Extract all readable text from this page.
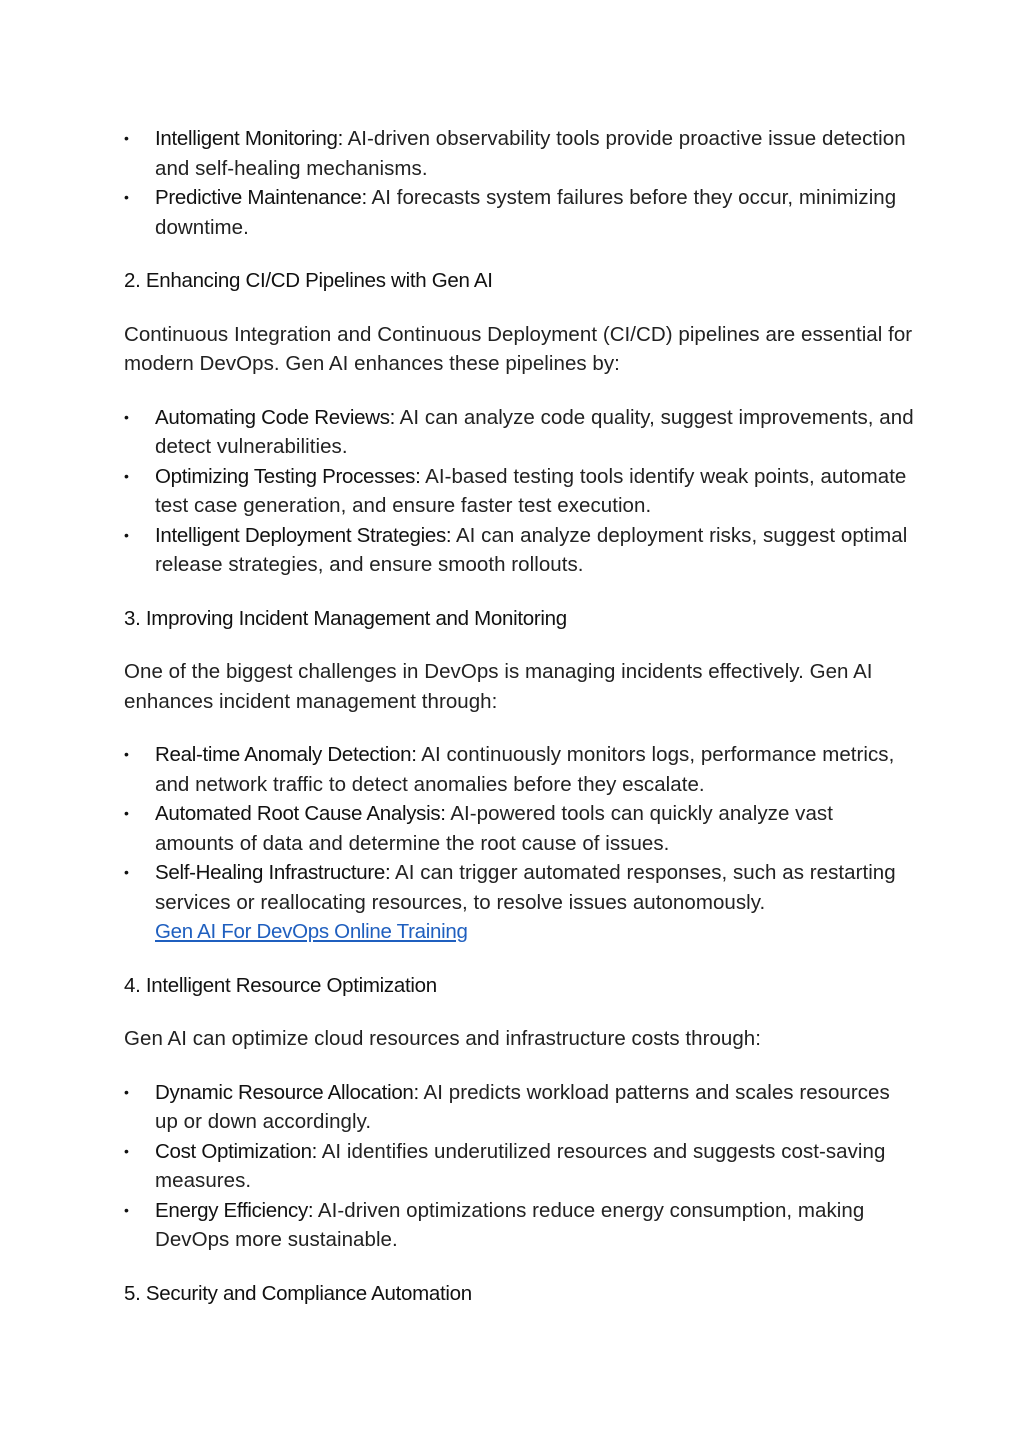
• Intelligent Monitoring: AI-driven observability tools provide proactive issue detection and self-healing mechanisms.
• Predictive Maintenance: AI forecasts system failures before they occur, minimizing downtime.
2. Enhancing CI/CD Pipelines with Gen AI
Continuous Integration and Continuous Deployment (CI/CD) pipelines are essential for modern DevOps. Gen AI enhances these pipelines by:
• Automating Code Reviews: AI can analyze code quality, suggest improvements, and detect vulnerabilities.
• Optimizing Testing Processes: AI-based testing tools identify weak points, automate test case generation, and ensure faster test execution.
• Intelligent Deployment Strategies: AI can analyze deployment risks, suggest optimal release strategies, and ensure smooth rollouts.
3. Improving Incident Management and Monitoring
One of the biggest challenges in DevOps is managing incidents effectively. Gen AI enhances incident management through:
• Real-time Anomaly Detection: AI continuously monitors logs, performance metrics, and network traffic to detect anomalies before they escalate.
• Automated Root Cause Analysis: AI-powered tools can quickly analyze vast amounts of data and determine the root cause of issues.
• Self-Healing Infrastructure: AI can trigger automated responses, such as restarting services or reallocating resources, to resolve issues autonomously.
Gen AI For DevOps Online Training
4. Intelligent Resource Optimization
Gen AI can optimize cloud resources and infrastructure costs through:
• Dynamic Resource Allocation: AI predicts workload patterns and scales resources up or down accordingly.
• Cost Optimization: AI identifies underutilized resources and suggests cost-saving measures.
• Energy Efficiency: AI-driven optimizations reduce energy consumption, making DevOps more sustainable.
5. Security and Compliance Automation
